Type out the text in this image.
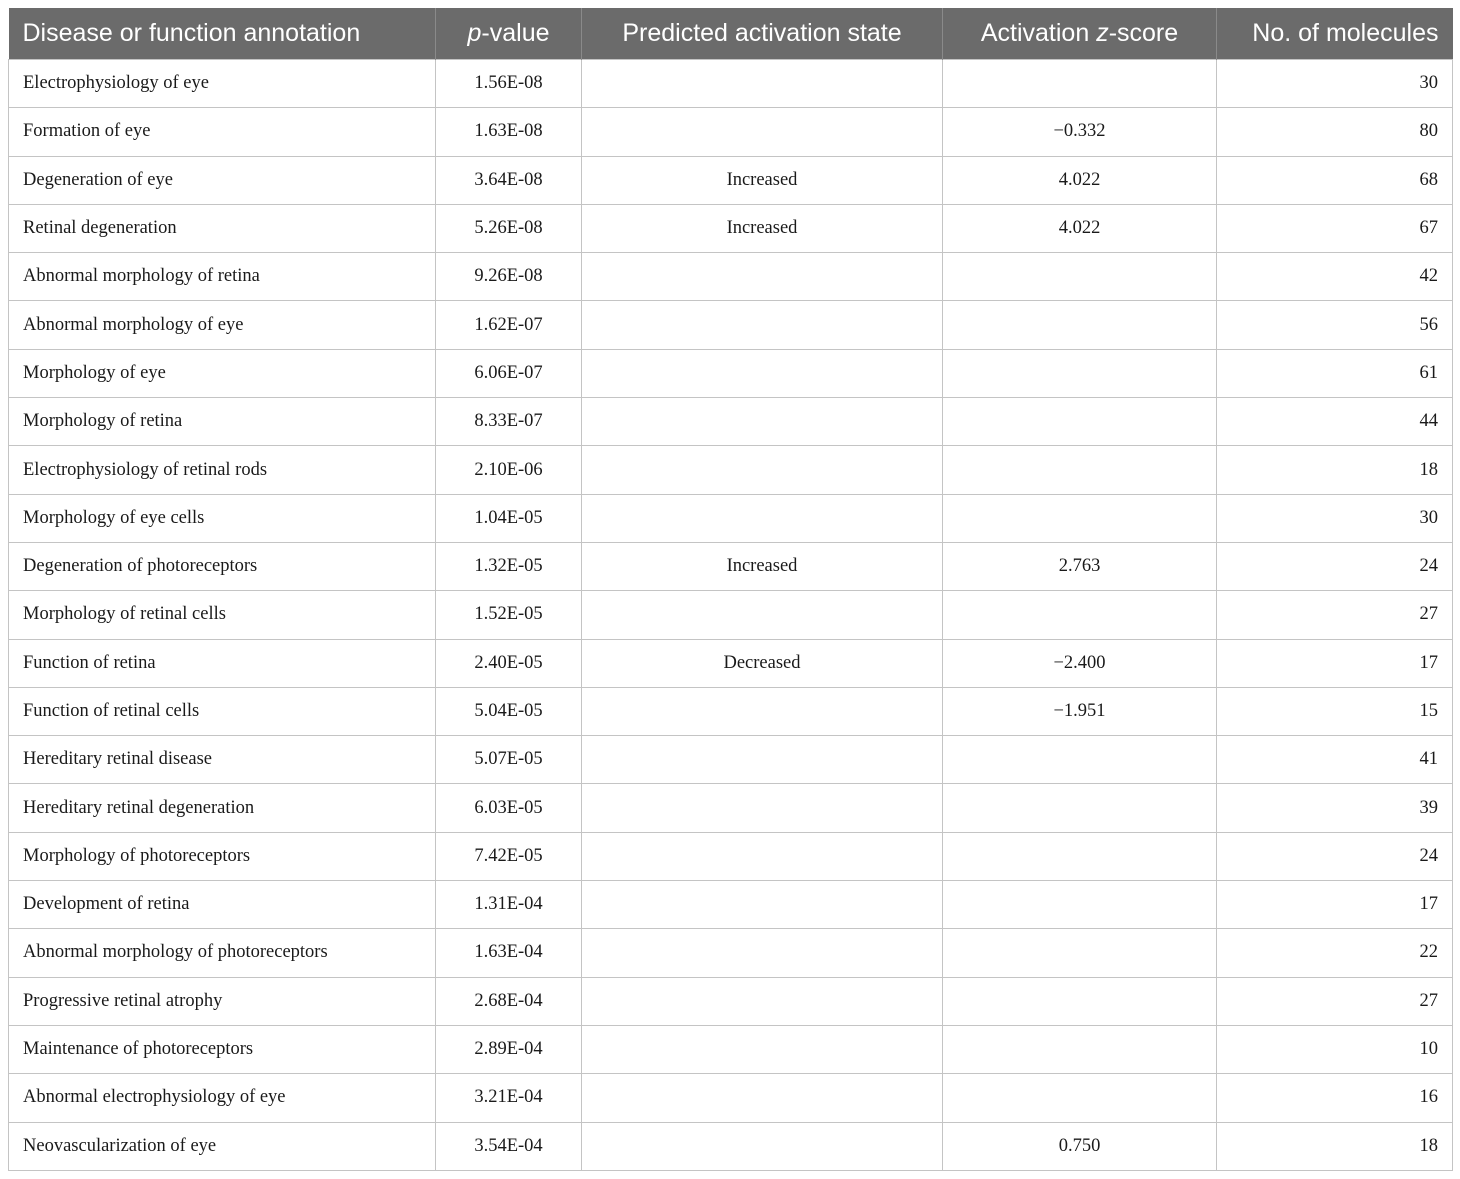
Disease or function annotation	p-value	Predicted activation state	Activation z-score	No. of molecules
Electrophysiology of eye	1.56E-08			30
Formation of eye	1.63E-08		−0.332	80
Degeneration of eye	3.64E-08	Increased	4.022	68
Retinal degeneration	5.26E-08	Increased	4.022	67
Abnormal morphology of retina	9.26E-08			42
Abnormal morphology of eye	1.62E-07			56
Morphology of eye	6.06E-07			61
Morphology of retina	8.33E-07			44
Electrophysiology of retinal rods	2.10E-06			18
Morphology of eye cells	1.04E-05			30
Degeneration of photoreceptors	1.32E-05	Increased	2.763	24
Morphology of retinal cells	1.52E-05			27
Function of retina	2.40E-05	Decreased	−2.400	17
Function of retinal cells	5.04E-05		−1.951	15
Hereditary retinal disease	5.07E-05			41
Hereditary retinal degeneration	6.03E-05			39
Morphology of photoreceptors	7.42E-05			24
Development of retina	1.31E-04			17
Abnormal morphology of photoreceptors	1.63E-04			22
Progressive retinal atrophy	2.68E-04			27
Maintenance of photoreceptors	2.89E-04			10
Abnormal electrophysiology of eye	3.21E-04			16
Neovascularization of eye	3.54E-04		0.750	18
